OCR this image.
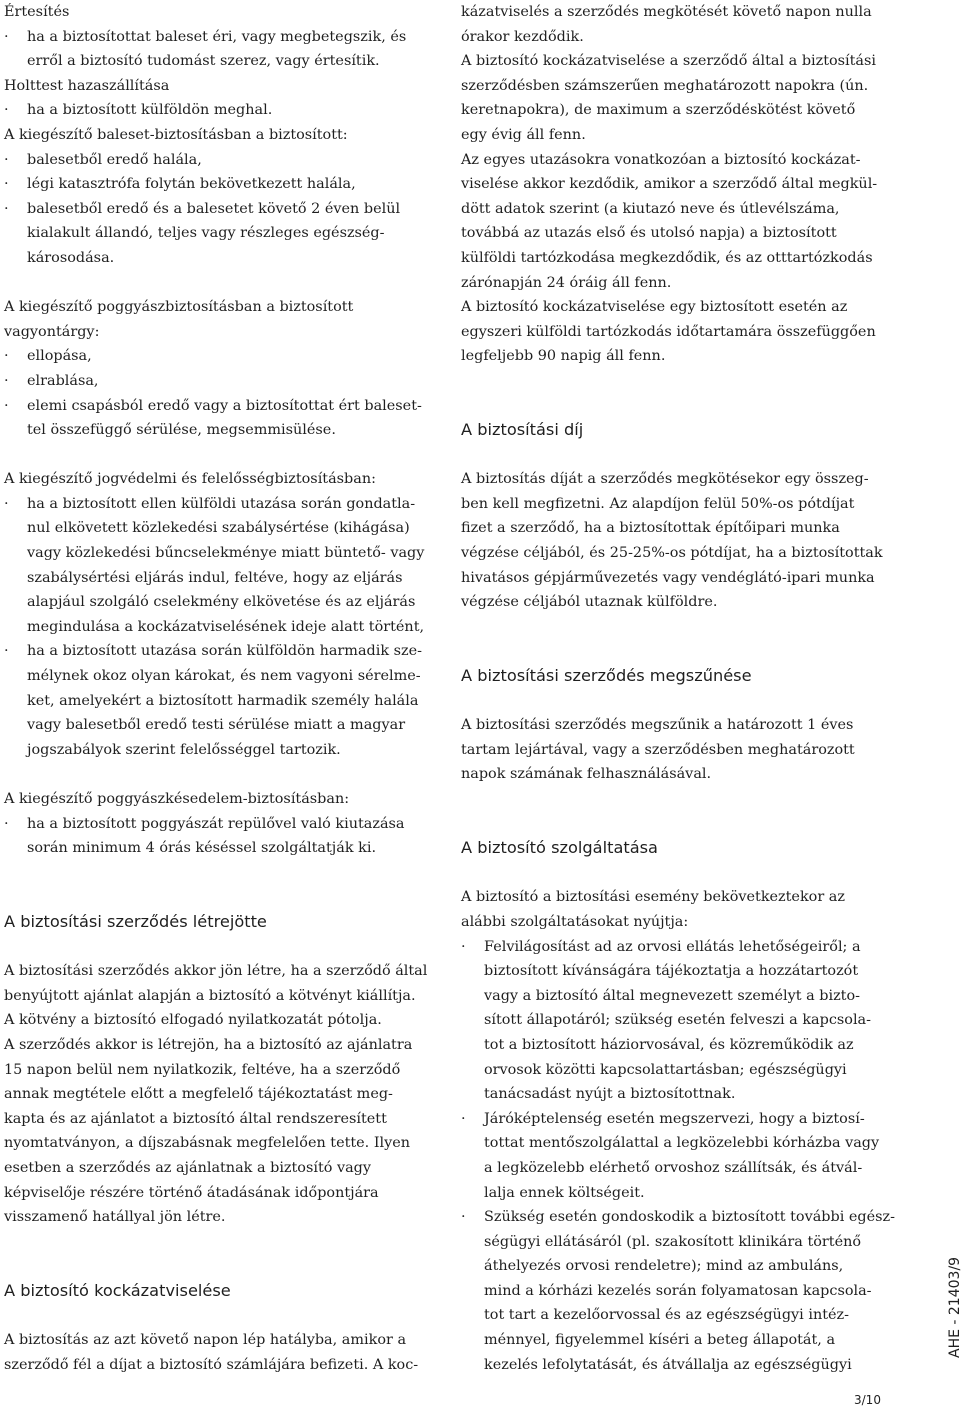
Értesítés
· ha a biztosítottat baleset éri, vagy megbetegszik, és
erről a biztosító tudomást szerez, vagy értesítik.
Holttest hazaszállítása
· ha a biztosított külföldön meghal.
A kiegészítő baleset-biztosításban a biztosított:
· balesetből eredő halála,
· légi katasztrófa folytán bekövetkezett halála,
· balesetből eredő és a balesetet követő 2 éven belül
kialakult állandó, teljes vagy részleges egészség-
károsodása.

A kiegészítő poggyászbiztosításban a biztosított
vagyontárgy:
· ellopása,
· elrablása,
· elemi csapásból eredő vagy a biztosítottat ért baleset-
tel összefüggő sérülése, megsemmisülése.

A kiegészítő jogvédelmi és felelősségbiztosításban:
· ha a biztosított ellen külföldi utazása során gondatla-
nul elkövetett közlekedési szabálysértése (kihágása)
vagy közlekedési bűncselekménye miatt büntető- vagy
szabálysértési eljárás indul, feltéve, hogy az eljárás
alapjául szolgáló cselekmény elkövetése és az eljárás
megindulása a kockázatviselésének ideje alatt történt,
· ha a biztosított utazása során külföldön harmadik sze-
mélynek okoz olyan károkat, és nem vagyoni sérelme-
ket, amelyekért a biztosított harmadik személy halála
vagy balesetből eredő testi sérülése miatt a magyar
jogszabályok szerint felelősséggel tartozik.

A kiegészítő poggyászkésedelem-biztosításban:
· ha a biztosított poggyászát repülővel való kiutazása
során minimum 4 órás késéssel szolgáltatják ki.

A biztosítási szerződés létrejötte

A biztosítási szerződés akkor jön létre, ha a szerződő által
benyújtott ajánlat alapján a biztosító a kötvényt kiállítja.
A kötvény a biztosító elfogadó nyilatkozatát pótolja.
A szerződés akkor is létrejön, ha a biztosító az ajánlatra
15 napon belül nem nyilatkozik, feltéve, ha a szerződő
annak megtétele előtt a megfelelő tájékoztatást meg-
kapta és az ajánlatot a biztosító által rendszeresített
nyomtatványon, a díjszabásnak megfelelően tette. Ilyen
esetben a szerződés az ajánlatnak a biztosító vagy
képviselője részére történő átadásának időpontjára
visszamenő hatállyal jön létre.

A biztosító kockázatviselése

A biztosítás az azt követő napon lép hatályba, amikor a
szerződő fél a díjat a biztosító számlájára befizeti. A koc-
kázatviselés a szerződés megkötését követő napon nulla
órakor kezdődik.
A biztosító kockázatviselése a szerződő által a biztosítási
szerződésben számszerűen meghatározott napokra (ún.
keretnapokra), de maximum a szerződéskötést követő
egy évig áll fenn.
Az egyes utazásokra vonatkozóan a biztosító kockázat-
viselése akkor kezdődik, amikor a szerződő által megkül-
dött adatok szerint (a kiutazó neve és útlevélszáma,
továbbá az utazás első és utolsó napja) a biztosított
külföldi tartózkodása megkezdődik, és az otttartózkodás
zárónapján 24 óráig áll fenn.
A biztosító kockázatviselése egy biztosított esetén az
egyszeri külföldi tartózkodás időtartamára összefüggően
legfeljebb 90 napig áll fenn.

A biztosítási díj

A biztosítás díját a szerződés megkötésekor egy összeg-
ben kell megfizetni. Az alapdíjon felül 50%-os pótdíjat
fizet a szerződő, ha a biztosítottak építőipari munka
végzése céljából, és 25-25%-os pótdíjat, ha a biztosítottak
hivatásos gépjárművezetés vagy vendéglátó-ipari munka
végzése céljából utaznak külföldre.

A biztosítási szerződés megszűnése

A biztosítási szerződés megszűnik a határozott 1 éves
tartam lejártával, vagy a szerződésben meghatározott
napok számának felhasználásával.

A biztosító szolgáltatása

A biztosító a biztosítási esemény bekövetkeztekor az
alábbi szolgáltatásokat nyújtja:
· Felvilágosítást ad az orvosi ellátás lehetőségeiről; a
biztosított kívánságára tájékoztatja a hozzátartozót
vagy a biztosító által megnevezett személyt a bizto-
sított állapotáról; szükség esetén felveszi a kapcsola-
tot a biztosított háziorvosával, és közreműködik az
orvosok közötti kapcsolattartásban; egészségügyi
tanácsadást nyújt a biztosítottnak.
· Járóképtelenség esetén megszervezi, hogy a biztosí-
tottat mentőszolgálattal a legközelebbi kórházba vagy
a legközelebb elérhető orvoshoz szállítsák, és átvál-
lalja ennek költségeit.
· Szükség esetén gondoskodik a biztosított további egész-
ségügyi ellátásáról (pl. szakosított klinikára történő
áthelyezés orvosi rendeletre); mind az ambuláns,
mind a kórházi kezelés során folyamatosan kapcsola-
tot tart a kezelőorvossal és az egészségügyi intéz-
ménnyel, figyelemmel kíséri a beteg állapotát, a
kezelés lefolytatását, és átvállalja az egészségügyi
AHE - 21403/9
3/10
